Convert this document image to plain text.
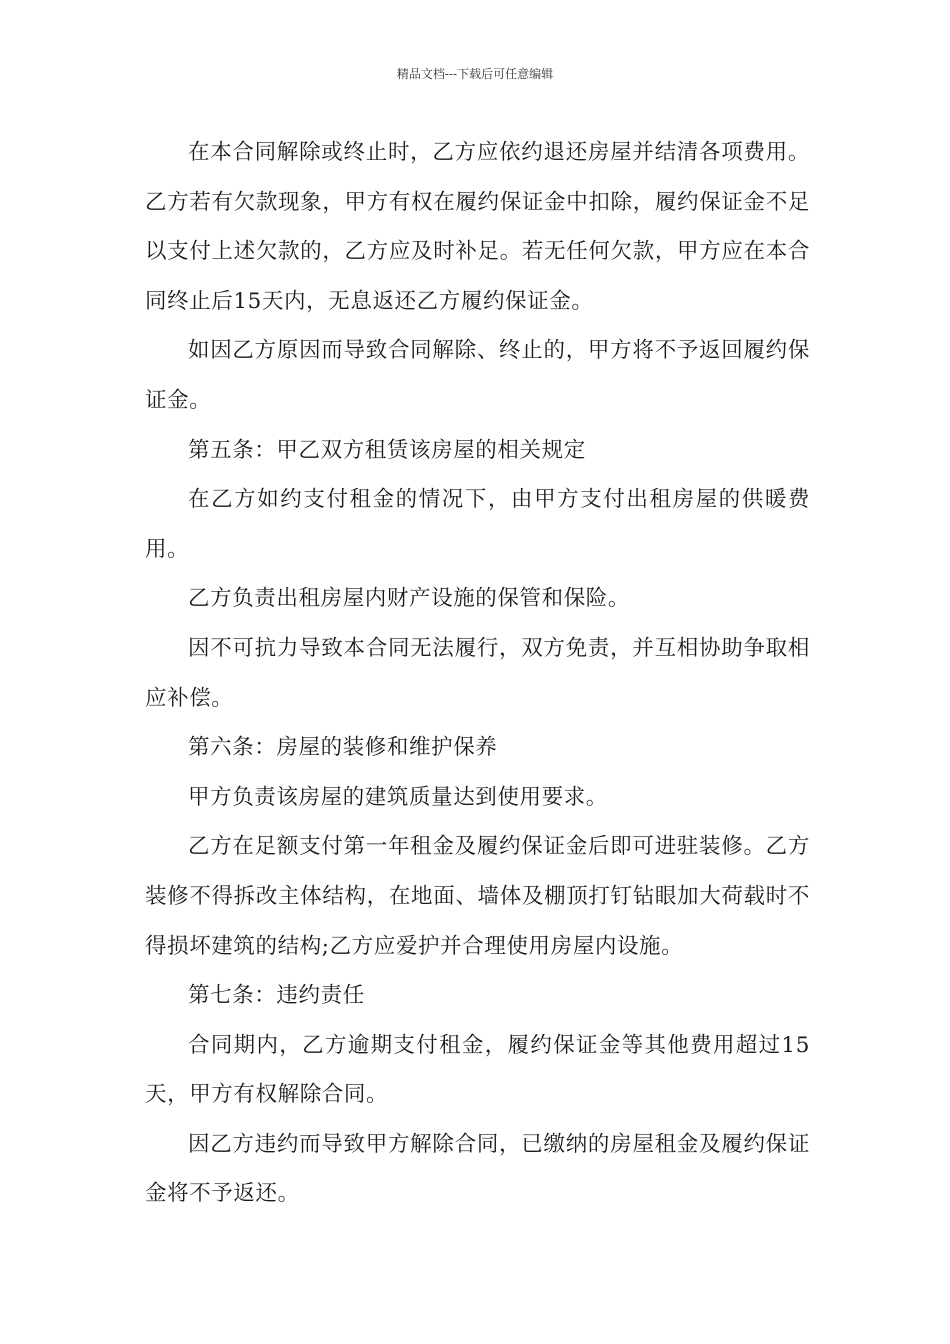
精品文档---下载后可任意编辑

在本合同解除或终止时，乙方应依约退还房屋并结清各项费用。乙方若有欠款现象，甲方有权在履约保证金中扣除，履约保证金不足以支付上述欠款的，乙方应及时补足。若无任何欠款，甲方应在本合同终止后15天内，无息返还乙方履约保证金。

如因乙方原因而导致合同解除、终止的，甲方将不予返回履约保证金。

第五条：甲乙双方租赁该房屋的相关规定

在乙方如约支付租金的情况下，由甲方支付出租房屋的供暖费用。

乙方负责出租房屋内财产设施的保管和保险。

因不可抗力导致本合同无法履行，双方免责，并互相协助争取相应补偿。

第六条：房屋的装修和维护保养

甲方负责该房屋的建筑质量达到使用要求。

乙方在足额支付第一年租金及履约保证金后即可进驻装修。乙方装修不得拆改主体结构，在地面、墙体及棚顶打钉钻眼加大荷载时不得损坏建筑的结构;乙方应爱护并合理使用房屋内设施。

第七条：违约责任

合同期内，乙方逾期支付租金，履约保证金等其他费用超过15天，甲方有权解除合同。

因乙方违约而导致甲方解除合同，已缴纳的房屋租金及履约保证金将不予返还。
